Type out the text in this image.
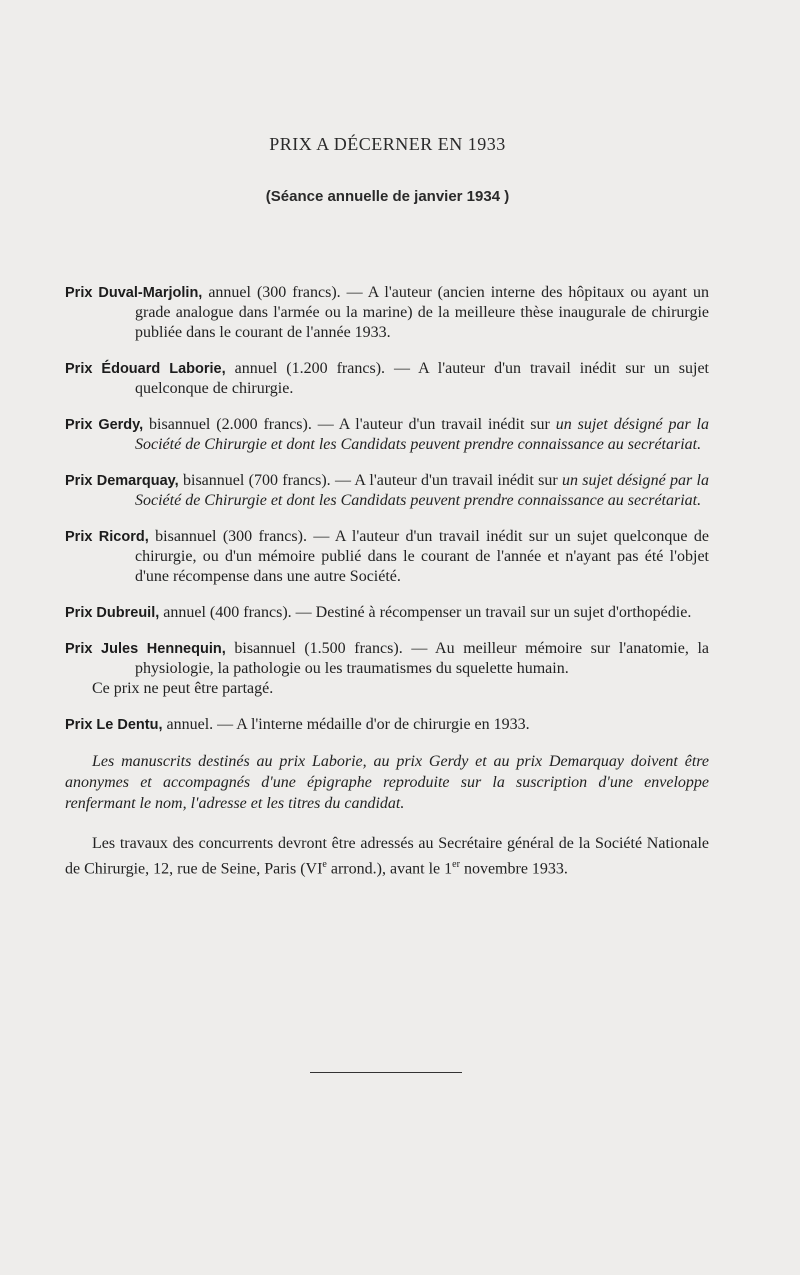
PRIX A DÉCERNER EN 1933
(Séance annuelle de janvier 1934 )

Prix Duval-Marjolin, annuel (300 francs). — A l'auteur (ancien interne des hôpitaux ou ayant un grade analogue dans l'armée ou la marine) de la meilleure thèse inaugurale de chirurgie publiée dans le courant de l'année 1933.

Prix Édouard Laborie, annuel (1.200 francs). — A l'auteur d'un travail inédit sur un sujet quelconque de chirurgie.

Prix Gerdy, bisannuel (2.000 francs). — A l'auteur d'un travail inédit sur un sujet désigné par la Société de Chirurgie et dont les Candidats peuvent prendre connaissance au secrétariat.

Prix Demarquay, bisannuel (700 francs). — A l'auteur d'un travail inédit sur un sujet désigné par la Société de Chirurgie et dont les Candidats peuvent prendre connaissance au secrétariat.

Prix Ricord, bisannuel (300 francs). — A l'auteur d'un travail inédit sur un sujet quelconque de chirurgie, ou d'un mémoire publié dans le courant de l'année et n'ayant pas été l'objet d'une récompense dans une autre Société.

Prix Dubreuil, annuel (400 francs). — Destiné à récompenser un travail sur un sujet d'orthopédie.

Prix Jules Hennequin, bisannuel (1.500 francs). — Au meilleur mémoire sur l'anatomie, la physiologie, la pathologie ou les traumatismes du squelette humain.

Ce prix ne peut être partagé.

Prix Le Dentu, annuel. — A l'interne médaille d'or de chirurgie en 1933.

Les manuscrits destinés au prix Laborie, au prix Gerdy et au prix Demarquay doivent être anonymes et accompagnés d'une épigraphe reproduite sur la suscription d'une enveloppe renfermant le nom, l'adresse et les titres du candidat.

Les travaux des concurrents devront être adressés au Secrétaire général de la Société Nationale de Chirurgie, 12, rue de Seine, Paris (VIe arrond.), avant le 1er novembre 1933.
